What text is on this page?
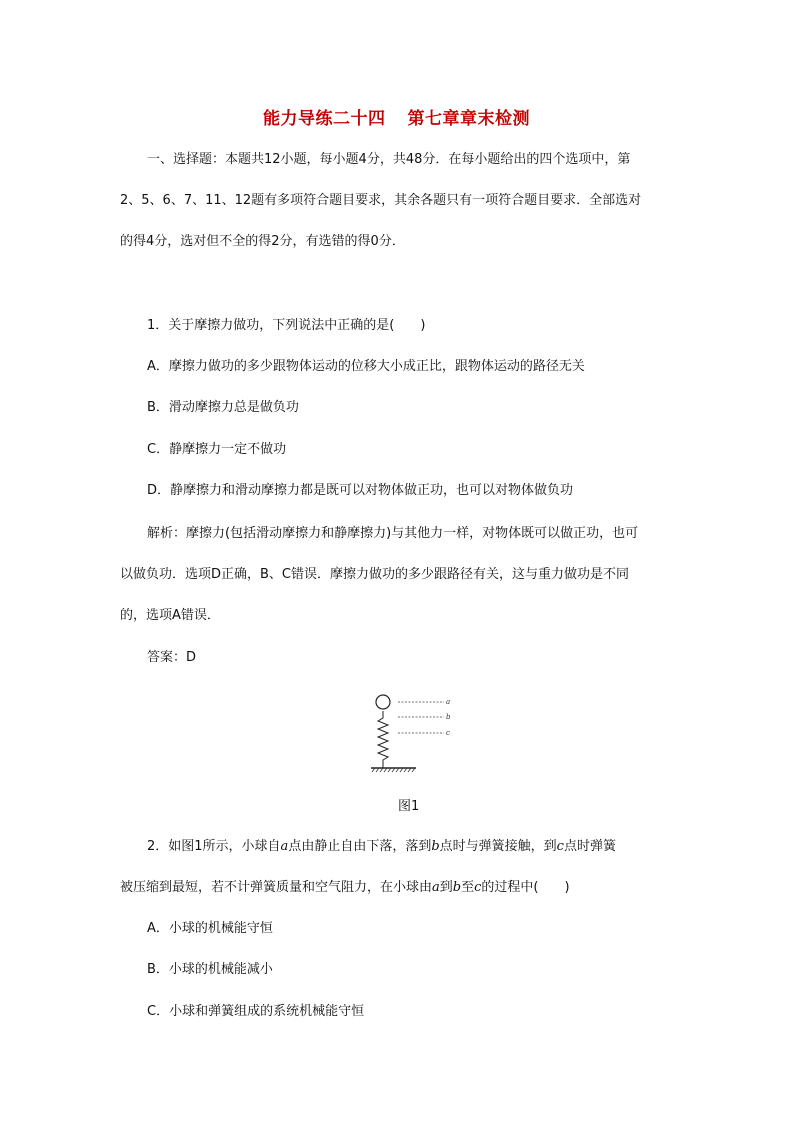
能力导练二十四 第七章章末检测
一、选择题：本题共12小题，每小题4分，共48分．在每小题给出的四个选项中，第
2、5、6、7、11、12题有多项符合题目要求，其余各题只有一项符合题目要求．全部选对
的得4分，选对但不全的得2分，有选错的得0分．
1．关于摩擦力做功，下列说法中正确的是(　　)
A．摩擦力做功的多少跟物体运动的位移大小成正比，跟物体运动的路径无关
B．滑动摩擦力总是做负功
C．静摩擦力一定不做功
D．静摩擦力和滑动摩擦力都是既可以对物体做正功，也可以对物体做负功
解析：摩擦力(包括滑动摩擦力和静摩擦力)与其他力一样，对物体既可以做正功，也可
以做负功．选项D正确，B、C错误．摩擦力做功的多少跟路径有关，这与重力做功是不同
的，选项A错误．
答案：D
a
b
c
图1
2．如图1所示，小球自a点由静止自由下落，落到b点时与弹簧接触，到c点时弹簧
被压缩到最短，若不计弹簧质量和空气阻力，在小球由a到b至c的过程中(　　)
A．小球的机械能守恒
B．小球的机械能减小
C．小球和弹簧组成的系统机械能守恒
